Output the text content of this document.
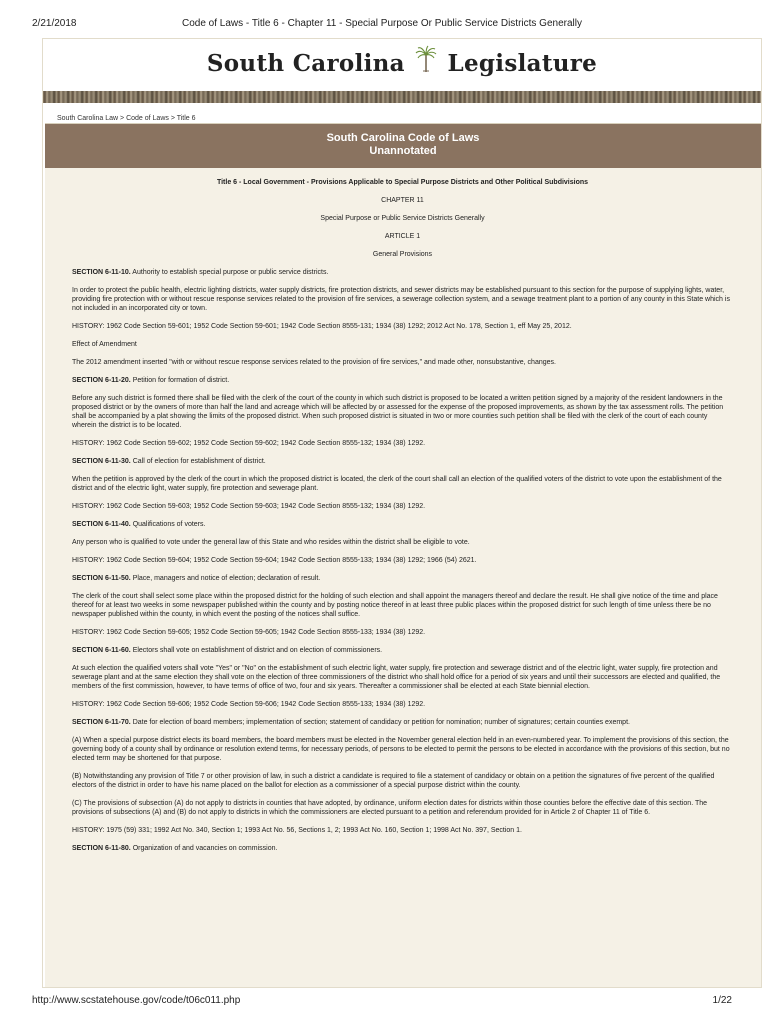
2/21/2018	Code of Laws - Title 6 - Chapter 11 - Special Purpose Or Public Service Districts Generally
South Carolina Legislature
South Carolina Law > Code of Laws > Title 6
South Carolina Code of Laws
Unannotated

Title 6 - Local Government - Provisions Applicable to Special Purpose Districts and Other Political Subdivisions

CHAPTER 11

Special Purpose or Public Service Districts Generally

ARTICLE 1

General Provisions

SECTION 6-11-10. Authority to establish special purpose or public service districts.

In order to protect the public health, electric lighting districts, water supply districts, fire protection districts, and sewer districts may be established pursuant to this section for the purpose of supplying lights, water, providing fire protection with or without rescue response services related to the provision of fire services, a sewerage collection system, and a sewage treatment plant to a portion of any county in this State which is not included in an incorporated city or town.

HISTORY: 1962 Code Section 59-601; 1952 Code Section 59-601; 1942 Code Section 8555-131; 1934 (38) 1292; 2012 Act No. 178, Section 1, eff May 25, 2012.

Effect of Amendment

The 2012 amendment inserted "with or without rescue response services related to the provision of fire services," and made other, nonsubstantive, changes.

SECTION 6-11-20. Petition for formation of district.

Before any such district is formed there shall be filed with the clerk of the court of the county in which such district is proposed to be located a written petition signed by a majority of the resident landowners in the proposed district or by the owners of more than half the land and acreage which will be affected by or assessed for the expense of the proposed improvements, as shown by the tax assessment rolls. The petition shall be accompanied by a plat showing the limits of the proposed district. When such proposed district is situated in two or more counties such petition shall be filed with the clerk of the court of each county wherein the district is to be located.

HISTORY: 1962 Code Section 59-602; 1952 Code Section 59-602; 1942 Code Section 8555-132; 1934 (38) 1292.

SECTION 6-11-30. Call of election for establishment of district.

When the petition is approved by the clerk of the court in which the proposed district is located, the clerk of the court shall call an election of the qualified voters of the district to vote upon the establishment of the district and of the electric light, water supply, fire protection and sewerage plant.

HISTORY: 1962 Code Section 59-603; 1952 Code Section 59-603; 1942 Code Section 8555-132; 1934 (38) 1292.

SECTION 6-11-40. Qualifications of voters.

Any person who is qualified to vote under the general law of this State and who resides within the district shall be eligible to vote.

HISTORY: 1962 Code Section 59-604; 1952 Code Section 59-604; 1942 Code Section 8555-133; 1934 (38) 1292; 1966 (54) 2621.

SECTION 6-11-50. Place, managers and notice of election; declaration of result.

The clerk of the court shall select some place within the proposed district for the holding of such election and shall appoint the managers thereof and declare the result. He shall give notice of the time and place thereof for at least two weeks in some newspaper published within the county and by posting notice thereof in at least three public places within the proposed district for such length of time unless there be no newspaper published within the county, in which event the posting of the notices shall suffice.

HISTORY: 1962 Code Section 59-605; 1952 Code Section 59-605; 1942 Code Section 8555-133; 1934 (38) 1292.

SECTION 6-11-60. Electors shall vote on establishment of district and on election of commissioners.

At such election the qualified voters shall vote "Yes" or "No" on the establishment of such electric light, water supply, fire protection and sewerage district and of the electric light, water supply, fire protection and sewerage plant and at the same election they shall vote on the election of three commissioners of the district who shall hold office for a period of six years and until their successors are elected and qualified, the members of the first commission, however, to have terms of office of two, four and six years. Thereafter a commissioner shall be elected at each State biennial election.

HISTORY: 1962 Code Section 59-606; 1952 Code Section 59-606; 1942 Code Section 8555-133; 1934 (38) 1292.

SECTION 6-11-70. Date for election of board members; implementation of section; statement of candidacy or petition for nomination; number of signatures; certain counties exempt.

(A) When a special purpose district elects its board members, the board members must be elected in the November general election held in an even-numbered year. To implement the provisions of this section, the governing body of a county shall by ordinance or resolution extend terms, for necessary periods, of persons to be elected to permit the persons to be elected in accordance with the provisions of this section, but no elected term may be shortened for that purpose.

(B) Notwithstanding any provision of Title 7 or other provision of law, in such a district a candidate is required to file a statement of candidacy or obtain on a petition the signatures of five percent of the qualified electors of the district in order to have his name placed on the ballot for election as a commissioner of a special purpose district within the county.

(C) The provisions of subsection (A) do not apply to districts in counties that have adopted, by ordinance, uniform election dates for districts within those counties before the effective date of this section. The provisions of subsections (A) and (B) do not apply to districts in which the commissioners are elected pursuant to a petition and referendum provided for in Article 2 of Chapter 11 of Title 6.

HISTORY: 1975 (59) 331; 1992 Act No. 340, Section 1; 1993 Act No. 56, Sections 1, 2; 1993 Act No. 160, Section 1; 1998 Act No. 397, Section 1.

SECTION 6-11-80. Organization of and vacancies on commission.

http://www.scstatehouse.gov/code/t06c011.php	1/22
